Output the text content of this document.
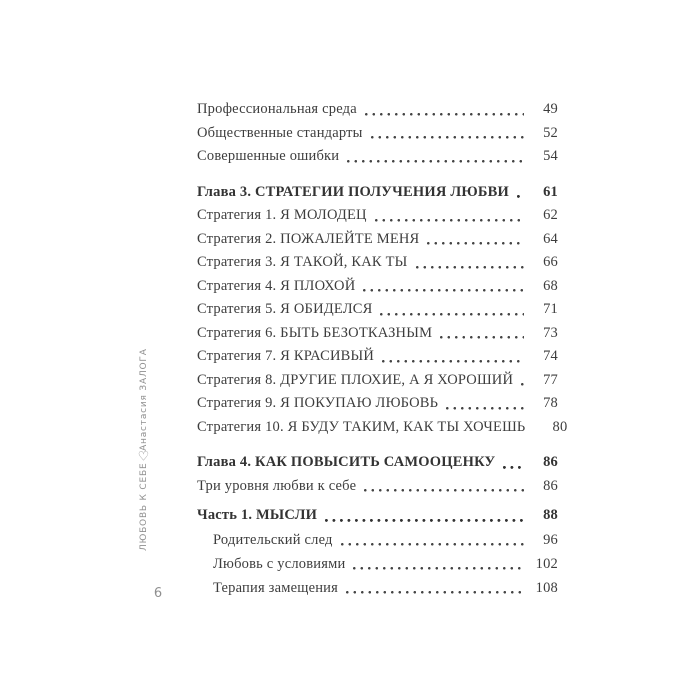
ЛЮБОВЬ К СЕБЕ
♡
Анастасия ЗАЛОГА
6
Профессиональная среда	49
Общественные стандарты	52
Совершенные ошибки	54
Глава 3. СТРАТЕГИИ ПОЛУЧЕНИЯ ЛЮБВИ	61
Стратегия 1. Я МОЛОДЕЦ	62
Стратегия 2. ПОЖАЛЕЙТЕ МЕНЯ	64
Стратегия 3. Я ТАКОЙ, КАК ТЫ	66
Стратегия 4. Я ПЛОХОЙ	68
Стратегия 5. Я ОБИДЕЛСЯ	71
Стратегия 6. БЫТЬ БЕЗОТКАЗНЫМ	73
Стратегия 7. Я КРАСИВЫЙ	74
Стратегия 8. ДРУГИЕ ПЛОХИЕ, А Я ХОРОШИЙ	77
Стратегия 9. Я ПОКУПАЮ ЛЮБОВЬ	78
Стратегия 10. Я БУДУ ТАКИМ, КАК ТЫ ХОЧЕШЬ	80
Глава 4. КАК ПОВЫСИТЬ САМООЦЕНКУ	86
Три уровня любви к себе	86
Часть 1. МЫСЛИ	88
Родительский след	96
Любовь с условиями	102
Терапия замещения	108
